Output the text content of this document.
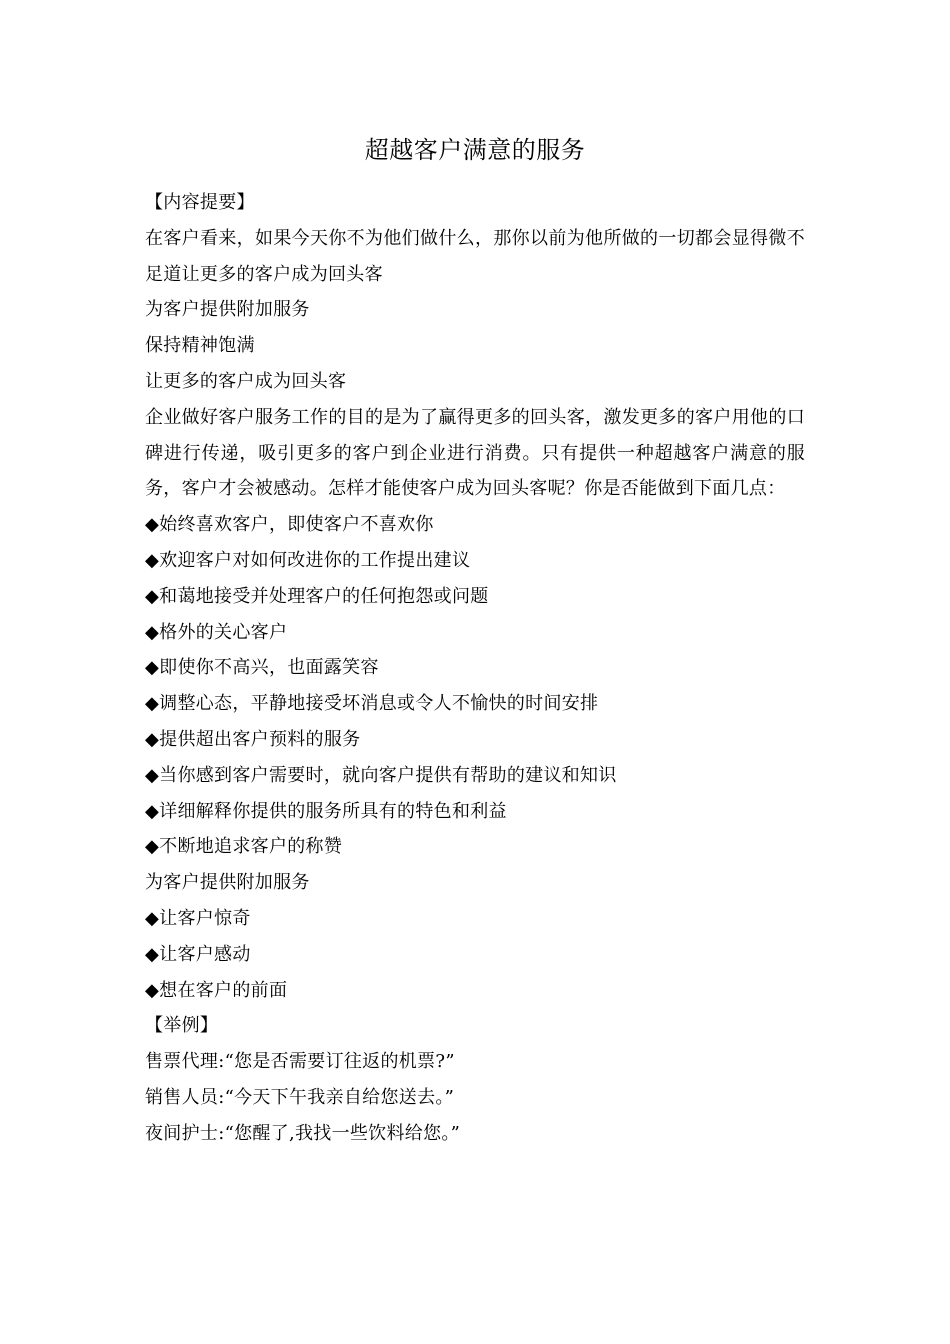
超越客户满意的服务
【内容提要】
在客户看来，如果今天你不为他们做什么，那你以前为他所做的一切都会显得微不足道让更多的客户成为回头客
为客户提供附加服务
保持精神饱满
让更多的客户成为回头客
企业做好客户服务工作的目的是为了赢得更多的回头客，激发更多的客户用他的口碑进行传递，吸引更多的客户到企业进行消费。只有提供一种超越客户满意的服务，客户才会被感动。怎样才能使客户成为回头客呢？你是否能做到下面几点：
◆始终喜欢客户，即使客户不喜欢你
◆欢迎客户对如何改进你的工作提出建议
◆和蔼地接受并处理客户的任何抱怨或问题
◆格外的关心客户
◆即使你不高兴，也面露笑容
◆调整心态，平静地接受坏消息或令人不愉快的时间安排
◆提供超出客户预料的服务
◆当你感到客户需要时，就向客户提供有帮助的建议和知识
◆详细解释你提供的服务所具有的特色和利益
◆不断地追求客户的称赞
为客户提供附加服务
◆让客户惊奇
◆让客户感动
◆想在客户的前面
【举例】
售票代理:“您是否需要订往返的机票?”
销售人员:“今天下午我亲自给您送去。”
夜间护士:“您醒了,我找一些饮料给您。”
